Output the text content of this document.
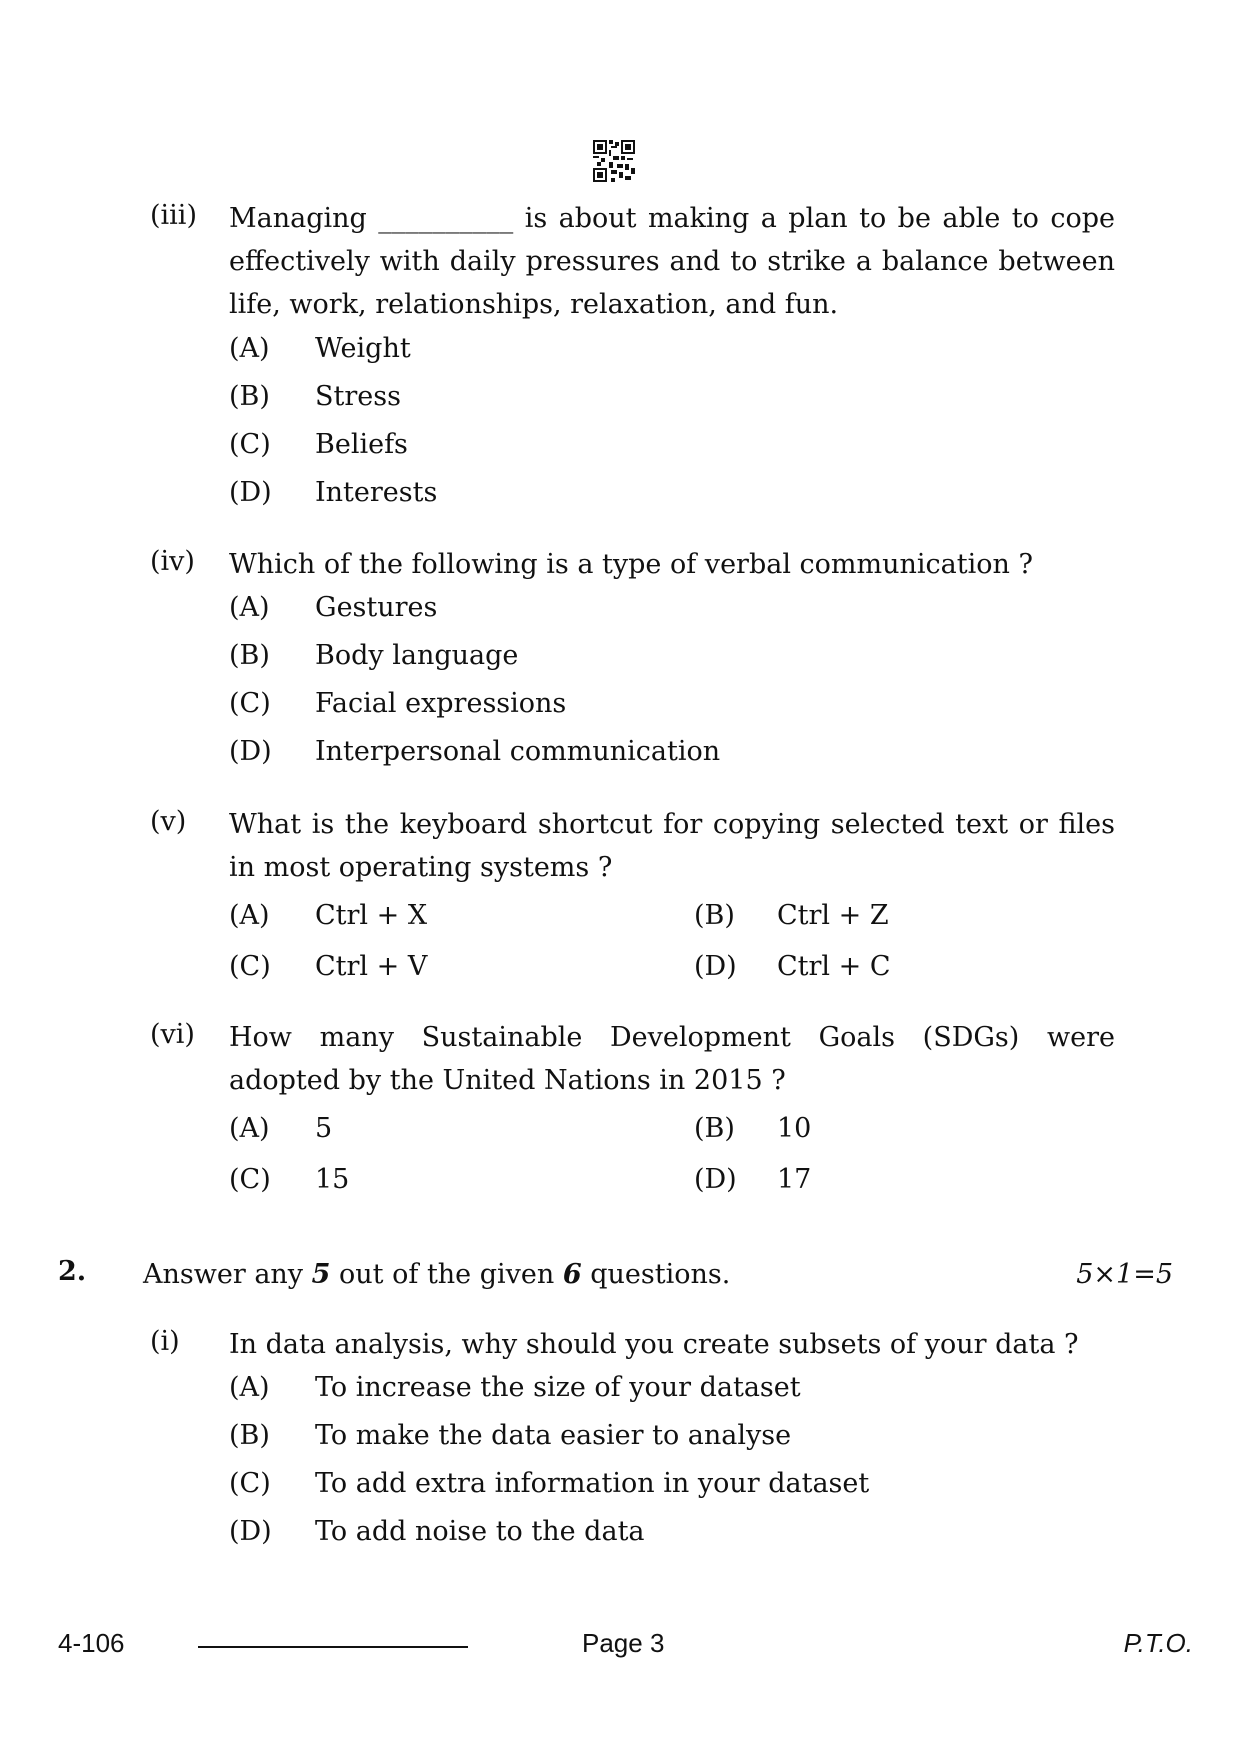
(iii) Managing __________ is about making a plan to be able to cope effectively with daily pressures and to strike a balance between life, work, relationships, relaxation, and fun.
(A) Weight
(B) Stress
(C) Beliefs
(D) Interests
(iv) Which of the following is a type of verbal communication ?
(A) Gestures
(B) Body language
(C) Facial expressions
(D) Interpersonal communication
(v) What is the keyboard shortcut for copying selected text or files in most operating systems ?
(A) Ctrl + X	(B) Ctrl + Z
(C) Ctrl + V	(D) Ctrl + C
(vi) How many Sustainable Development Goals (SDGs) were adopted by the United Nations in 2015 ?
(A) 5	(B) 10
(C) 15	(D) 17
2. Answer any 5 out of the given 6 questions.	5×1=5
(i) In data analysis, why should you create subsets of your data ?
(A) To increase the size of your dataset
(B) To make the data easier to analyse
(C) To add extra information in your dataset
(D) To add noise to the data
4-106	Page 3	P.T.O.
